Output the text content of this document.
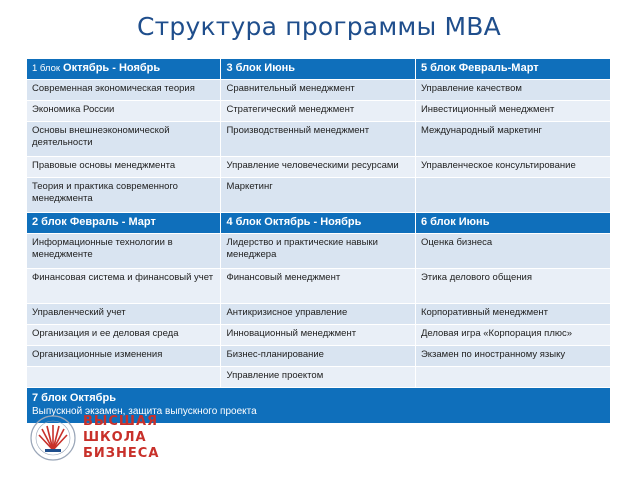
Структура программы МВА
1 блок Октябрь - Ноябрь	3 блок Июнь	5 блок Февраль-Март
Современная экономическая теория	Сравнительный менеджмент	Управление качеством
Экономика России	Стратегический менеджмент	Инвестиционный менеджмент
Основы внешнеэкономической деятельности	Производственный менеджмент	Международный маркетинг
Правовые основы менеджмента	Управление человеческими ресурсами	Управленческое консультирование
Теория и практика современного менеджмента	Маркетинг	
2 блок Февраль - Март	4 блок Октябрь - Ноябрь	6 блок Июнь
Информационные технологии в менеджменте	Лидерство и практические навыки менеджера	Оценка бизнеса
Финансовая система и финансовый учет	Финансовый менеджмент	Этика делового общения
Управленческий учет	Антикризисное управление	Корпоративный менеджмент
Организация и ее деловая среда	Инновационный менеджмент	Деловая игра «Корпорация плюс»
Организационные изменения	Бизнес-планирование	Экзамен по иностранному языку
	Управление проектом	

7 блок Октябрь
Выпускной экзамен, защита выпускного проекта		
ВЫСШАЯ
ШКОЛА
БИЗНЕСА
